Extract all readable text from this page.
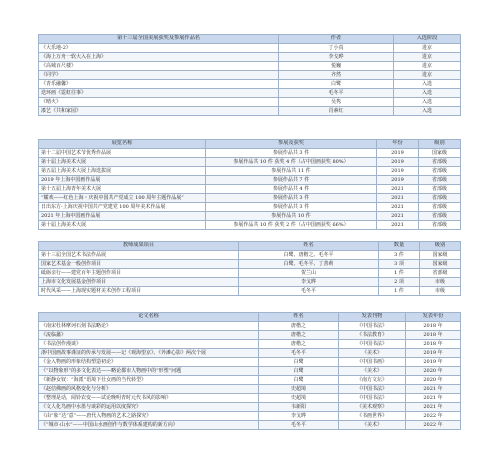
第十三届全国美展获奖及参展作品名	作者	入选阶段
《大乐地-2》	丁小真	进京
《海上万舟一软大入在上海》	李戈晔	进京
《高城百尺楼》	悦巍	进京
《同学》	齐然	进京
《青乐融馨》	白鹭	入选
迭环画《霓虹往事》	毛冬平	入选
《晴火》	吴隽	入选
漆艺《共和家园》	肖素红	入选
展览名称	参展及获奖	年份	级别
第十二届中国艺术节优秀作品展	参展作品共 3 件	2019	国家级
第十届上海美术大展	参展作品共 10 件 获奖 4 件（占中国画获奖 80%）	2019	省部级
第五届上海美术大展上海选拔展	参展作品共 11 件	2019	省部级
2019 年上海中国画作品展	参展作品共 7 件	2019	省部级
第十五届上海青年美术大展	参展作品共 4 件	2021	省部级
“耀欢——红色上海・庆祝中国共产党成立 100 周年主题作品展”	参展作品共 3 件	2021	省部级
日出东方-上海庆祝中国共产党建党 100 周年美术作品展	参展作品共 3 件	2021	省部级
2021 年上海中国画作品展	参展作品共 10 件	2021	省部级
第十届上海美术大展	参展作品共 10 件 获奖 2 件（占中国画获奖 66%）	2021	省部级
教师成果项目	姓名	数量	级别
第十三届全国艺术书法作品展	白鹭、唐楷之、毛冬平	3 件	国家级
国家艺术基金一般创作项目	白鹭、毛冬平、丁善莉	3 项	国家级
砥砺亲行——建党百年主题创作项目	贺兰山	1 件	省部级
上海市文化发展基金创作项目	李戈晔	2 项	市级
时代风采——上海现实题材美术创作工程项目	毛冬平	1 件	市级
论文名称	姓名	发表刊物	发表年份
《南宋杜林摩诃石刻书法略论》	唐楷之	《中国书法》	2018 年
《流临蠡》	唐楷之	《书法教育》	2018 年
《书法创作漫谈》	唐楷之	《中国书法》	2018 年
浙中国画故事谨证的传承与发展——记《观海望京》、《外滩心影》两次个展	毛冬平	《美术》	2019 年
《金入物画的形象结构塑造初论》	白鹭	《中国书画》	2019 年
《“以物象形”的多文化表达——略论都市人物画中的“形塑”问题	白鹭	《美术》	2020 年
《新静女钗：“海派”语境下仕女画的当代转型》	白鹭	《南方文坛》	2020 年
《赵佶佛画的风格变化与分析》	史超境	《中国书法》	2021 年
《整理是话，阅铃农变——试论晚明青时元代书风的影响》	史超境	《中国书法》	2021 年
《文人化鸟画中水墨与谈彩的运用以度探究》	韦新阳	《美术观察》	2021 年
《由“象”达“意”——唐代入物画的艺术之路探究》	李戈晔	《书画世界》	2022 年
《“城市·山水”——中国山水画创作与数学体系建构的新方向》	毛冬平	《美术》	2022 年
